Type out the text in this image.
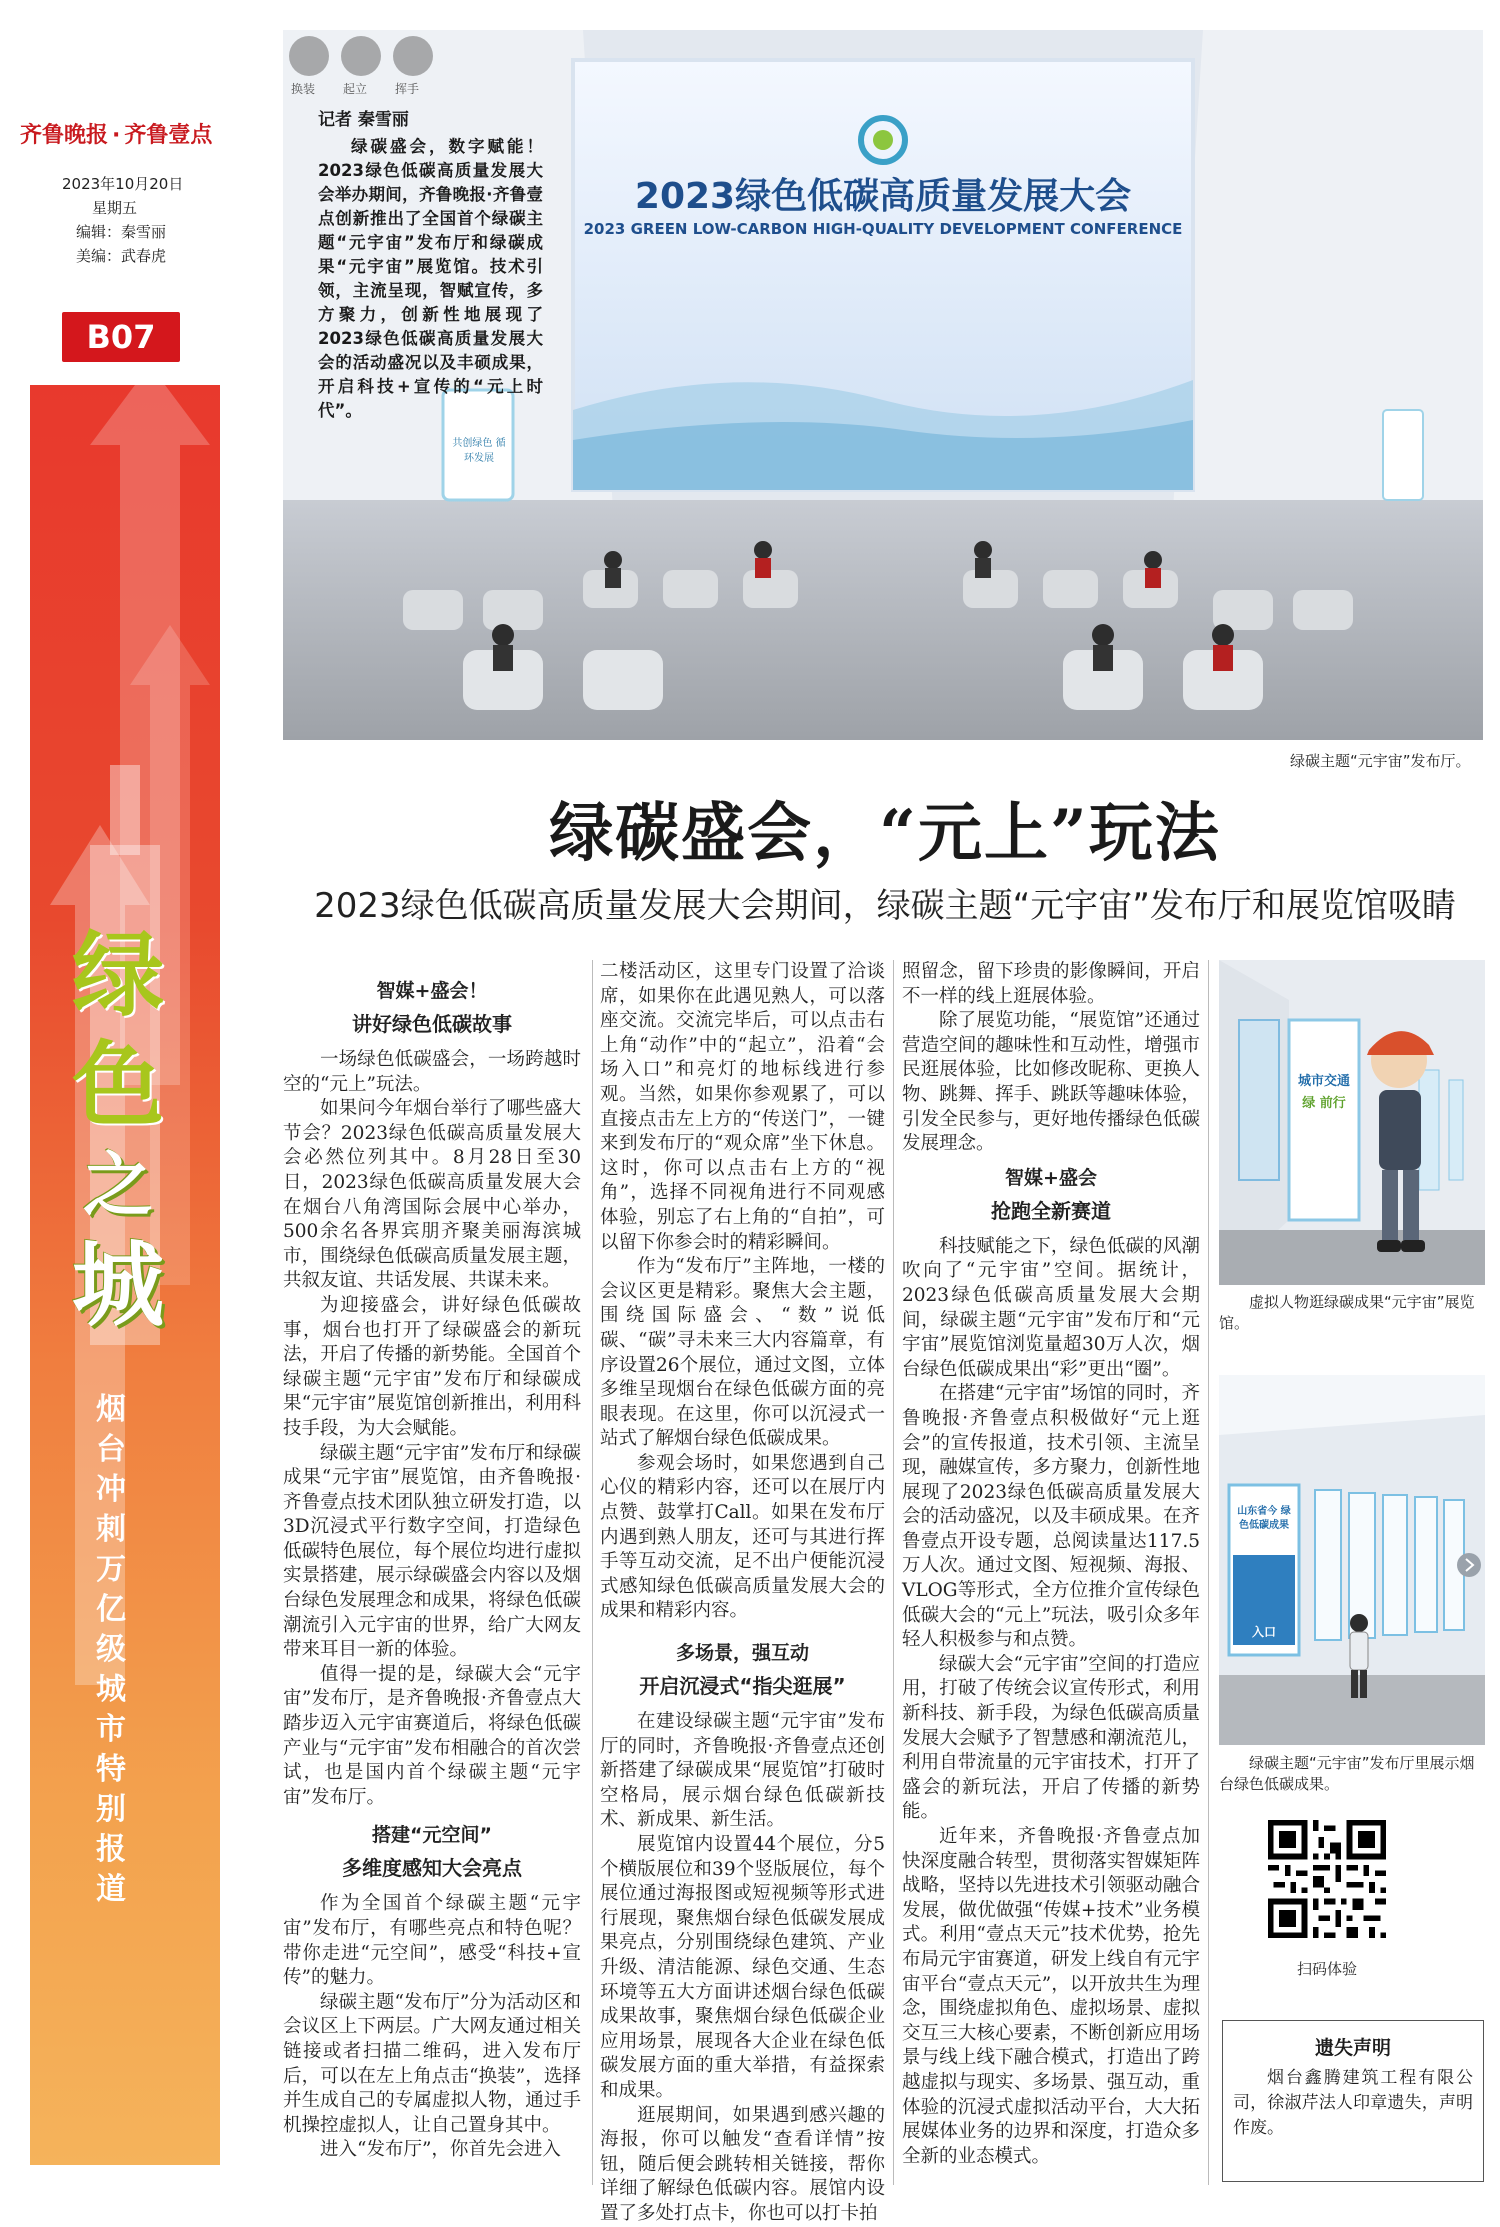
齐鲁晚报 · 齐鲁壹点
2023年10月20日
星期五
编辑：秦雪丽
美编：武春虎
B07
绿
色
之
城
烟台冲刺万亿级城市特别报道
换装 起立 挥手
记者 秦雪丽
绿碳盛会，数字赋能！2023绿色低碳高质量发展大会举办期间，齐鲁晚报·齐鲁壹点创新推出了全国首个绿碳主题“元宇宙”发布厅和绿碳成果“元宇宙”展览馆。技术引领，主流呈现，智赋宣传，多方聚力，创新性地展现了2023绿色低碳高质量发展大会的活动盛况以及丰硕成果，开启科技+宣传的“元上时代”。
2023绿色低碳高质量发展大会
2023 GREEN LOW-CARBON HIGH-QUALITY DEVELOPMENT CONFERENCE
共创绿色 循环发展
绿碳主题“元宇宙”发布厅。
绿碳盛会，“元上”玩法
2023绿色低碳高质量发展大会期间，绿碳主题“元宇宙”发布厅和展览馆吸睛
智媒+盛会！
讲好绿色低碳故事

一场绿色低碳盛会，一场跨越时空的“元上”玩法。

如果问今年烟台举行了哪些盛大节会？2023绿色低碳高质量发展大会必然位列其中。8月28日至30日，2023绿色低碳高质量发展大会在烟台八角湾国际会展中心举办，500余名各界宾朋齐聚美丽海滨城市，围绕绿色低碳高质量发展主题，共叙友谊、共话发展、共谋未来。

为迎接盛会，讲好绿色低碳故事，烟台也打开了绿碳盛会的新玩法，开启了传播的新势能。全国首个绿碳主题“元宇宙”发布厅和绿碳成果“元宇宙”展览馆创新推出，利用科技手段，为大会赋能。

绿碳主题“元宇宙”发布厅和绿碳成果“元宇宙”展览馆，由齐鲁晚报·齐鲁壹点技术团队独立研发打造，以3D沉浸式平行数字空间，打造绿色低碳特色展位，每个展位均进行虚拟实景搭建，展示绿碳盛会内容以及烟台绿色发展理念和成果，将绿色低碳潮流引入元宇宙的世界，给广大网友带来耳目一新的体验。

值得一提的是，绿碳大会“元宇宙”发布厅，是齐鲁晚报·齐鲁壹点大踏步迈入元宇宙赛道后，将绿色低碳产业与“元宇宙”发布相融合的首次尝试，也是国内首个绿碳主题“元宇宙”发布厅。

搭建“元空间”
多维度感知大会亮点

作为全国首个绿碳主题“元宇宙”发布厅，有哪些亮点和特色呢？带你走进“元空间”，感受“科技+宣传”的魅力。

绿碳主题“发布厅”分为活动区和会议区上下两层。广大网友通过相关链接或者扫描二维码，进入发布厅后，可以在左上角点击“换装”，选择并生成自己的专属虚拟人物，通过手机操控虚拟人，让自己置身其中。

进入“发布厅”，你首先会进入

二楼活动区，这里专门设置了洽谈席，如果你在此遇见熟人，可以落座交流。交流完毕后，可以点击右上角“动作”中的“起立”，沿着“会场入口”和亮灯的地标线进行参观。当然，如果你参观累了，可以直接点击左上方的“传送门”，一键来到发布厅的“观众席”坐下休息。这时，你可以点击右上方的“视角”，选择不同视角进行不同观感体验，别忘了右上角的“自拍”，可以留下你参会时的精彩瞬间。

作为“发布厅”主阵地，一楼的会议区更是精彩。聚焦大会主题，围绕国际盛会、“数”说低碳、“碳”寻未来三大内容篇章，有序设置26个展位，通过文图，立体多维呈现烟台在绿色低碳方面的亮眼表现。在这里，你可以沉浸式一站式了解烟台绿色低碳成果。

参观会场时，如果您遇到自己心仪的精彩内容，还可以在展厅内点赞、鼓掌打Call。如果在发布厅内遇到熟人朋友，还可与其进行挥手等互动交流，足不出户便能沉浸式感知绿色低碳高质量发展大会的成果和精彩内容。

多场景，强互动
开启沉浸式“指尖逛展”

在建设绿碳主题“元宇宙”发布厅的同时，齐鲁晚报·齐鲁壹点还创新搭建了绿碳成果“展览馆”打破时空格局，展示烟台绿色低碳新技术、新成果、新生活。

展览馆内设置44个展位，分5个横版展位和39个竖版展位，每个展位通过海报图或短视频等形式进行展现，聚焦烟台绿色低碳发展成果亮点，分别围绕绿色建筑、产业升级、清洁能源、绿色交通、生态环境等五大方面讲述烟台绿色低碳成果故事，聚焦烟台绿色低碳企业应用场景，展现各大企业在绿色低碳发展方面的重大举措，有益探索和成果。

逛展期间，如果遇到感兴趣的海报，你可以触发“查看详情”按钮，随后便会跳转相关链接，帮你详细了解绿色低碳内容。展馆内设置了多处打点卡，你也可以打卡拍

照留念，留下珍贵的影像瞬间，开启不一样的线上逛展体验。

除了展览功能，“展览馆”还通过营造空间的趣味性和互动性，增强市民逛展体验，比如修改昵称、更换人物、跳舞、挥手、跳跃等趣味体验，引发全民参与，更好地传播绿色低碳发展理念。

智媒+盛会
抢跑全新赛道

科技赋能之下，绿色低碳的风潮吹向了“元宇宙”空间。据统计，2023绿色低碳高质量发展大会期间，绿碳主题“元宇宙”发布厅和“元宇宙”展览馆浏览量超30万人次，烟台绿色低碳成果出“彩”更出“圈”。

在搭建“元宇宙”场馆的同时，齐鲁晚报·齐鲁壹点积极做好“元上逛会”的宣传报道，技术引领、主流呈现，融媒宣传，多方聚力，创新性地展现了2023绿色低碳高质量发展大会的活动盛况，以及丰硕成果。在齐鲁壹点开设专题，总阅读量达117.5万人次。通过文图、短视频、海报、VLOG等形式，全方位推介宣传绿色低碳大会的“元上”玩法，吸引众多年轻人积极参与和点赞。

绿碳大会“元宇宙”空间的打造应用，打破了传统会议宣传形式，利用新科技、新手段，为绿色低碳高质量发展大会赋予了智慧感和潮流范儿，利用自带流量的元宇宙技术，打开了盛会的新玩法，开启了传播的新势能。

近年来，齐鲁晚报·齐鲁壹点加快深度融合转型，贯彻落实智媒矩阵战略，坚持以先进技术引领驱动融合发展，做优做强“传媒+技术”业务模式。利用“壹点天元”技术优势，抢先布局元宇宙赛道，研发上线自有元宇宙平台“壹点天元”，以开放共生为理念，围绕虚拟角色、虚拟场景、虚拟交互三大核心要素，不断创新应用场景与线上线下融合模式，打造出了跨越虚拟与现实、多场景、强互动，重体验的沉浸式虚拟活动平台，大大拓展媒体业务的边界和深度，打造众多全新的业态模式。

城市交通
绿 前行
虚拟人物逛绿碳成果“元宇宙”展览馆。
山东省今 绿色低碳成果
入口
绿碳主题“元宇宙”发布厅里展示烟台绿色低碳成果。
扫码体验
遗失声明
烟台鑫腾建筑工程有限公司，徐淑芹法人印章遗失，声明作废。
